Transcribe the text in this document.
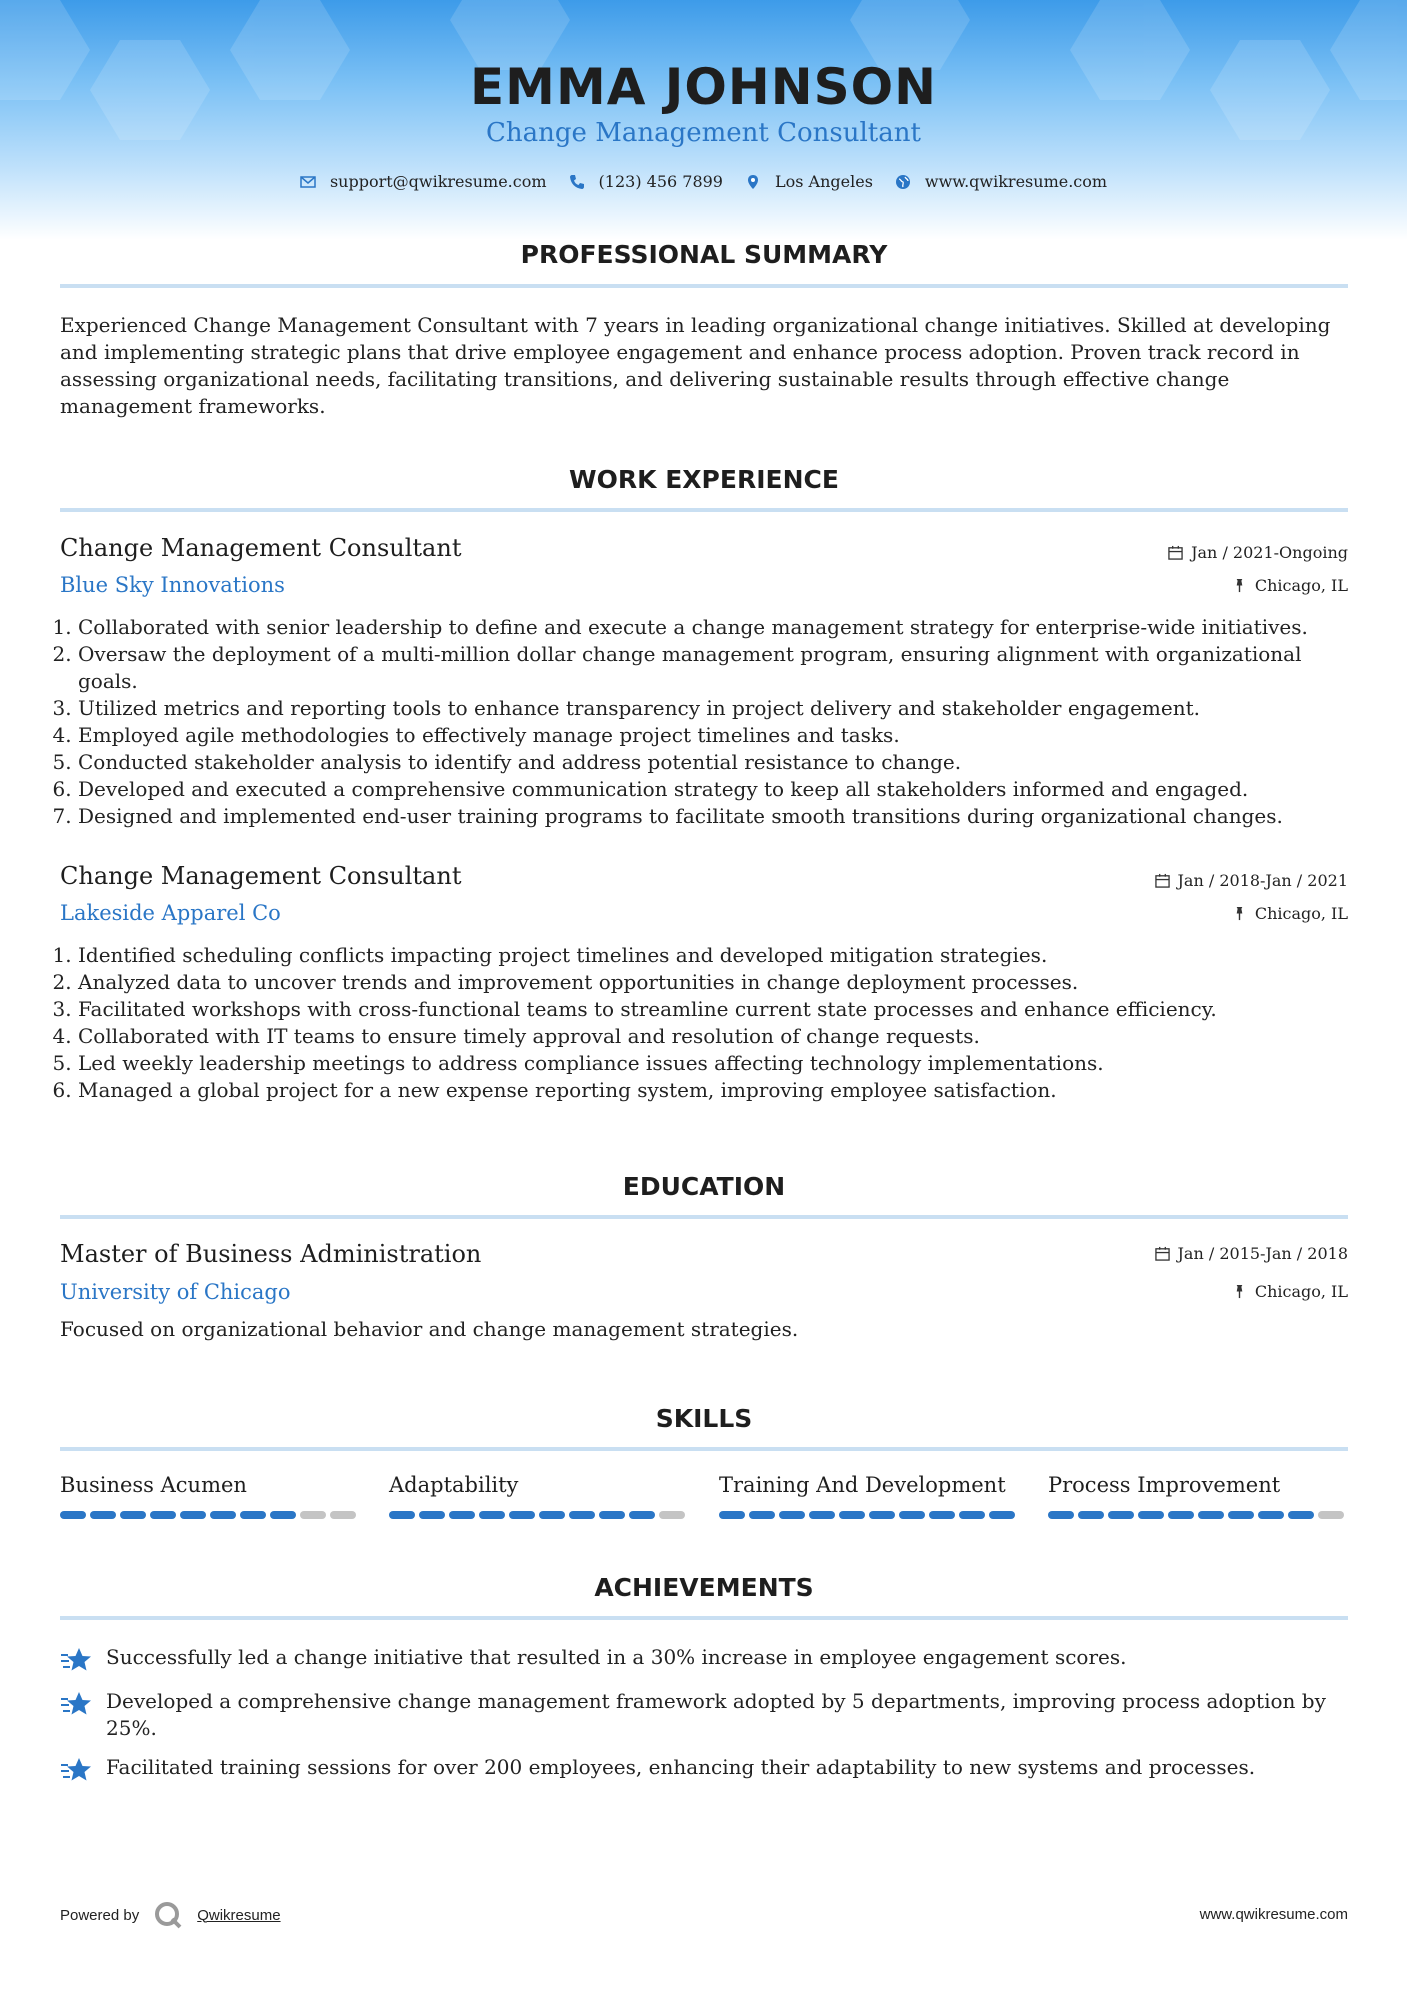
EMMA JOHNSON
Change Management Consultant
support@qwikresume.com	(123) 456 7899	Los Angeles	www.qwikresume.com
PROFESSIONAL SUMMARY
Experienced Change Management Consultant with 7 years in leading organizational change initiatives. Skilled at developing and implementing strategic plans that drive employee engagement and enhance process adoption. Proven track record in assessing organizational needs, facilitating transitions, and delivering sustainable results through effective change management frameworks.
WORK EXPERIENCE
Change Management Consultant	Jan / 2021-Ongoing
Blue Sky Innovations	Chicago, IL
1. Collaborated with senior leadership to define and execute a change management strategy for enterprise-wide initiatives.
2. Oversaw the deployment of a multi-million dollar change management program, ensuring alignment with organizational goals.
3. Utilized metrics and reporting tools to enhance transparency in project delivery and stakeholder engagement.
4. Employed agile methodologies to effectively manage project timelines and tasks.
5. Conducted stakeholder analysis to identify and address potential resistance to change.
6. Developed and executed a comprehensive communication strategy to keep all stakeholders informed and engaged.
7. Designed and implemented end-user training programs to facilitate smooth transitions during organizational changes.
Change Management Consultant	Jan / 2018-Jan / 2021
Lakeside Apparel Co	Chicago, IL
1. Identified scheduling conflicts impacting project timelines and developed mitigation strategies.
2. Analyzed data to uncover trends and improvement opportunities in change deployment processes.
3. Facilitated workshops with cross-functional teams to streamline current state processes and enhance efficiency.
4. Collaborated with IT teams to ensure timely approval and resolution of change requests.
5. Led weekly leadership meetings to address compliance issues affecting technology implementations.
6. Managed a global project for a new expense reporting system, improving employee satisfaction.
EDUCATION
Master of Business Administration	Jan / 2015-Jan / 2018
University of Chicago	Chicago, IL
Focused on organizational behavior and change management strategies.
SKILLS
Business Acumen	Adaptability	Training And Development	Process Improvement
ACHIEVEMENTS
Successfully led a change initiative that resulted in a 30% increase in employee engagement scores.
Developed a comprehensive change management framework adopted by 5 departments, improving process adoption by 25%.
Facilitated training sessions for over 200 employees, enhancing their adaptability to new systems and processes.
Powered by	Qwikresume	www.qwikresume.com
